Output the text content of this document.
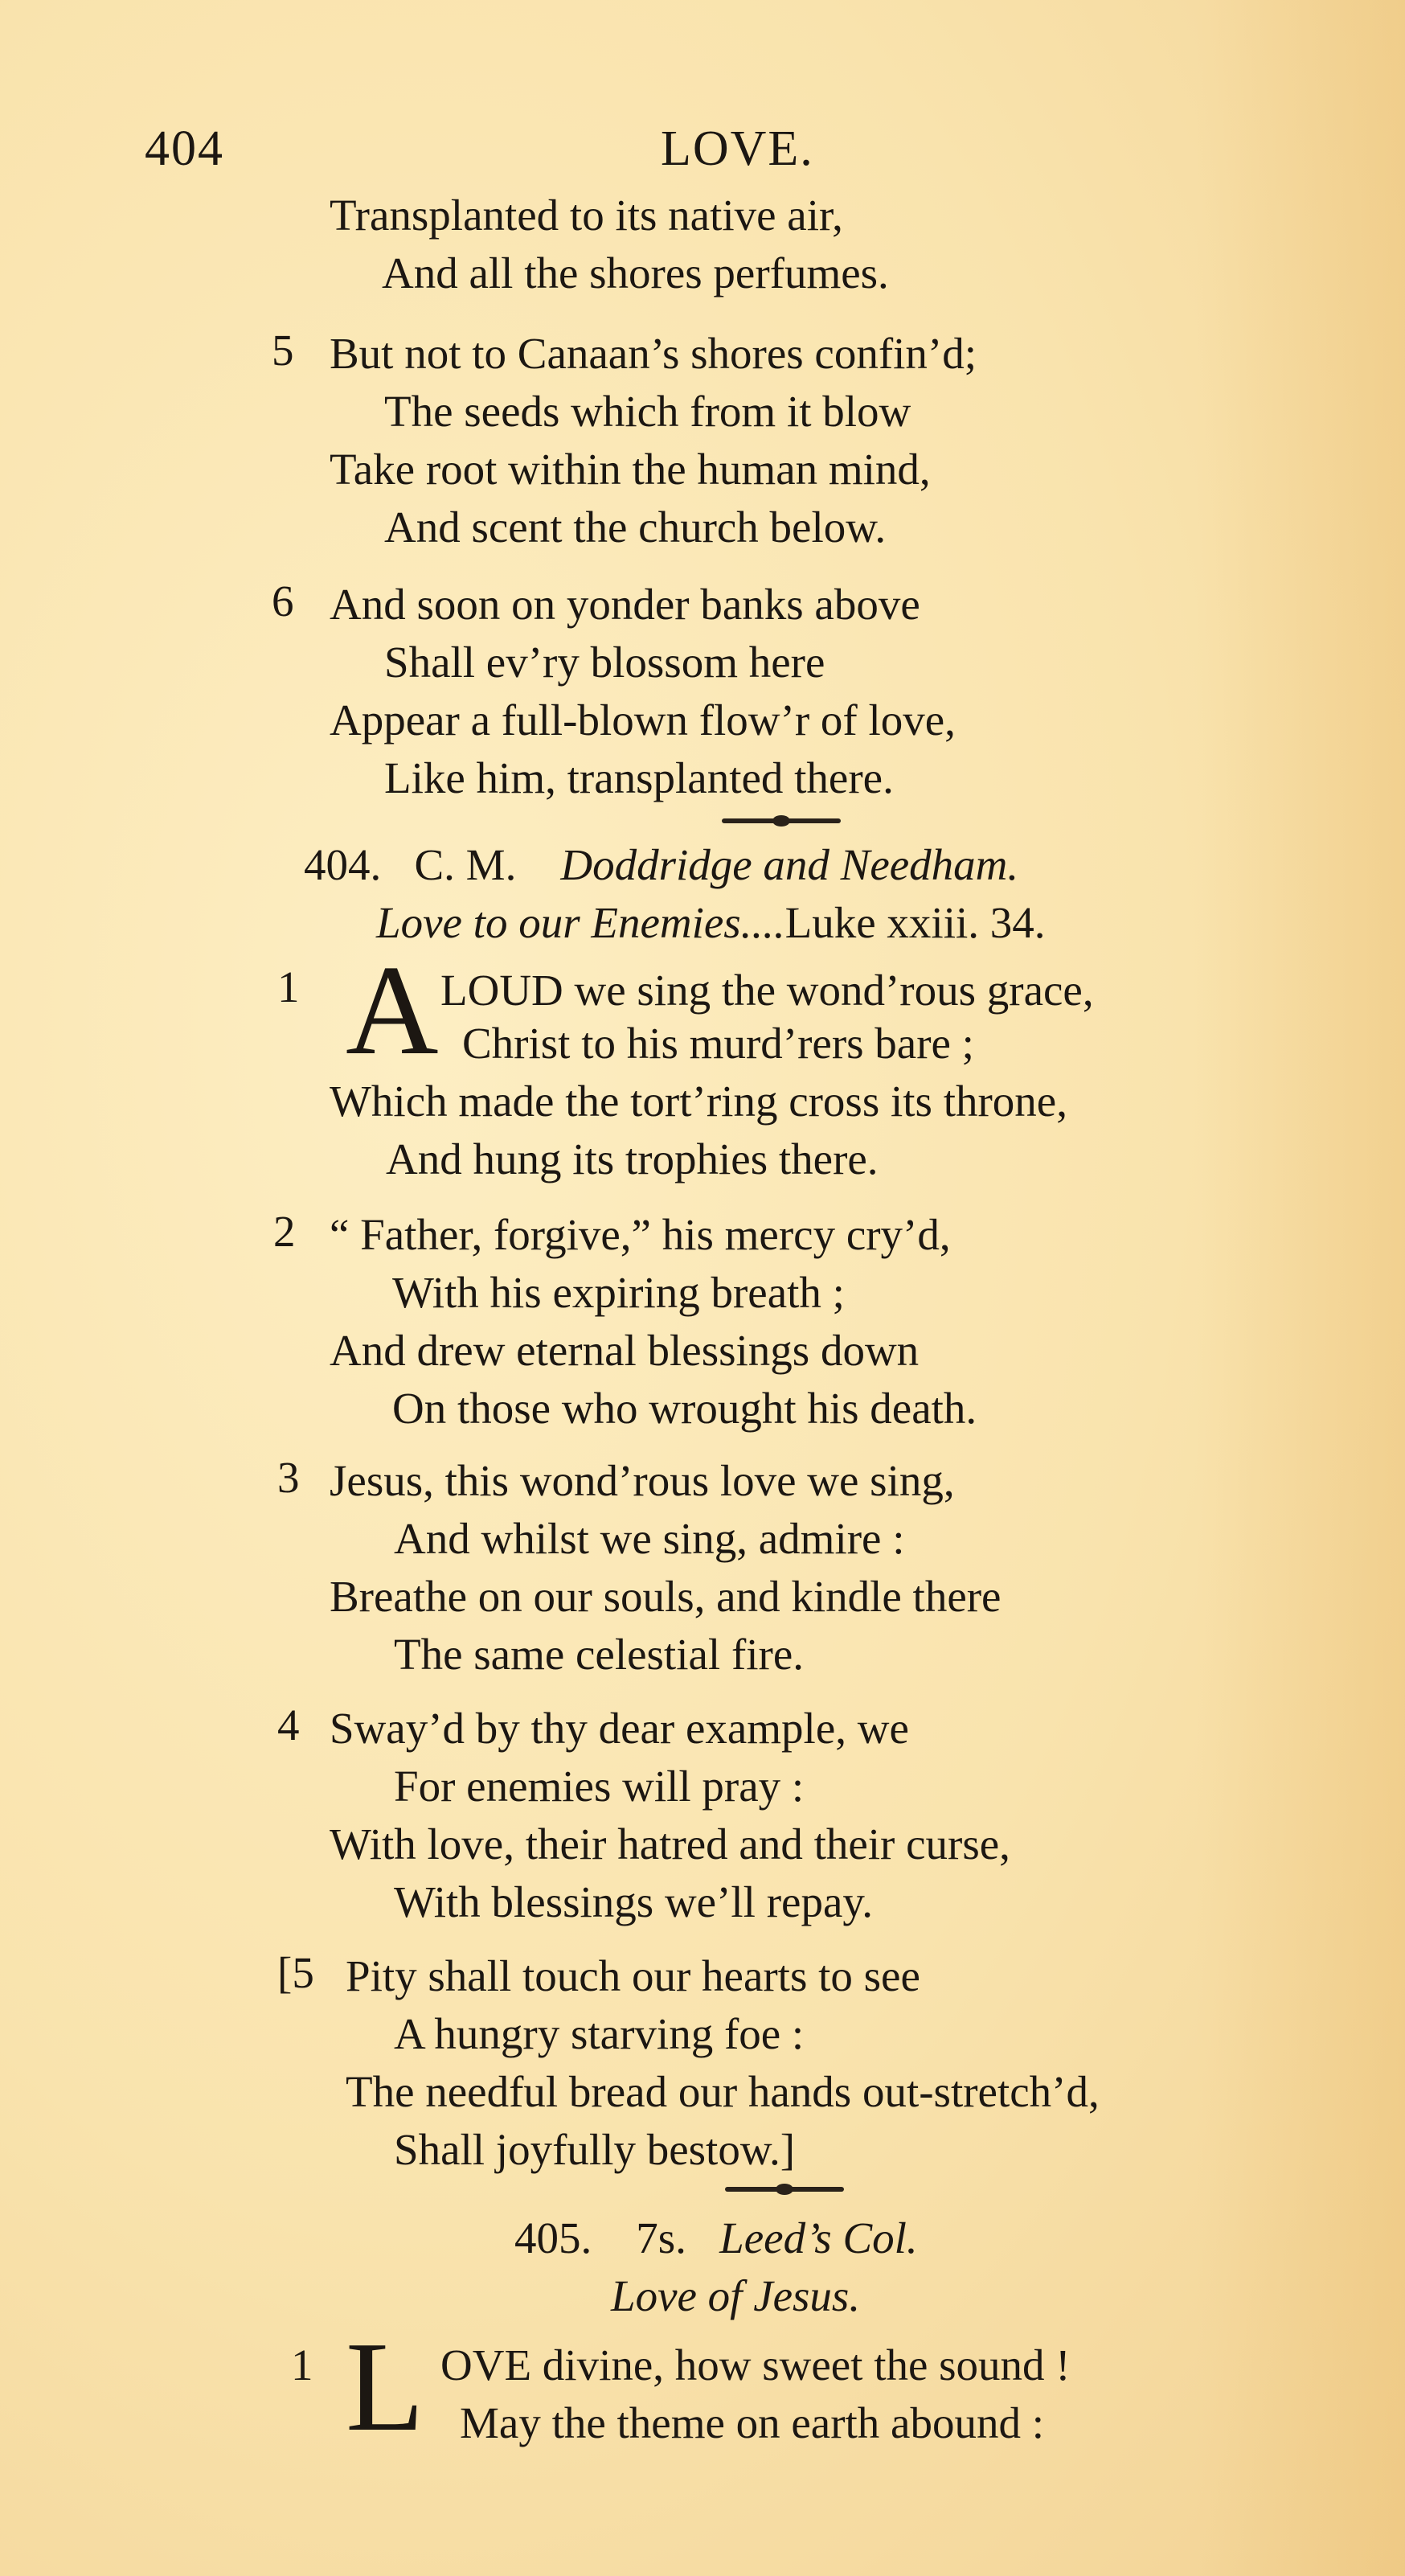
404	LOVE.
Transplanted to its native air,
And all the shores perfumes.
5 But not to Canaan’s shores confin’d;
The seeds which from it blow
Take root within the human mind,
And scent the church below.
6 And soon on yonder banks above
Shall ev’ry blossom here
Appear a full-blown flow’r of love,
Like him, transplanted there.
404. C. M. Doddridge and Needham.
Love to our Enemies....Luke xxiii. 34.
1 A LOUD we sing the wond’rous grace,
Christ to his murd’rers bare ;
Which made the tort’ring cross its throne,
And hung its trophies there.
2 “ Father, forgive,” his mercy cry’d,
With his expiring breath ;
And drew eternal blessings down
On those who wrought his death.
3 Jesus, this wond’rous love we sing,
And whilst we sing, admire :
Breathe on our souls, and kindle there
The same celestial fire.
4 Sway’d by thy dear example, we
For enemies will pray :
With love, their hatred and their curse,
With blessings we’ll repay.
[5 Pity shall touch our hearts to see
A hungry starving foe :
The needful bread our hands out-stretch’d,
Shall joyfully bestow.]
405. 7s. Leed’s Col.
Love of Jesus.
1 L OVE divine, how sweet the sound !
May the theme on earth abound :
